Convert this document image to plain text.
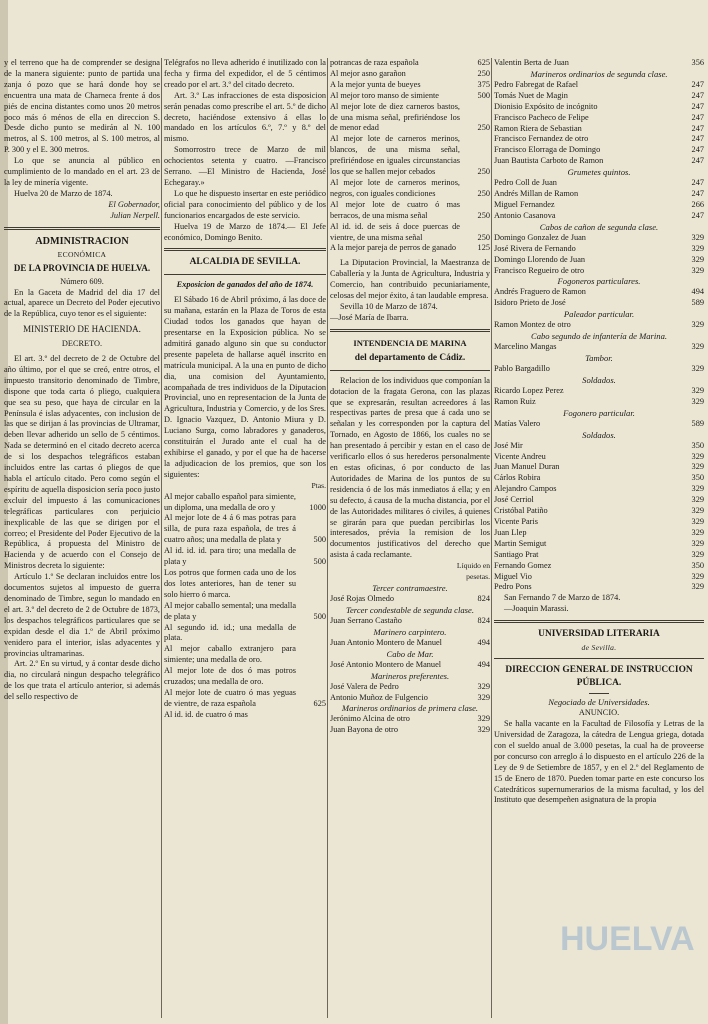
y el terreno que ha de comprender se designa de la manera siguiente: punto de partida una zanja ó pozo que se hará donde hoy se encuentra una mata de Charneca frente á dos piés de encina distantes como unos 20 metros poco más ó ménos de ella en direccion S. Desde dicho punto se medirán al N. 100 metros, al S. 100 metros, al S. 100 metros, al P. 300 y el E. 300 metros.

Lo que se anuncia al público en cumplimiento de lo mandado en el art. 23 de la ley de minería vigente.

Huelva 20 de Marzo de 1874.

El Gobernador,

Julian Nerpell.

ADMINISTRACION
ECONÓMICA
DE LA PROVINCIA DE HUELVA.

Número 609.

En la Gaceta de Madrid del dia 17 del actual, aparece un Decreto del Poder ejecutivo de la República, cuyo tenor es el siguiente:

MINISTERIO DE HACIENDA.

DECRETO.

El art. 3.º del decreto de 2 de Octubre del año último, por el que se creó, entre otros, el impuesto transitorio denominado de Timbre, dispone que toda carta ó pliego, cualquiera que sea su peso, que haya de circular en la Península é islas adyacentes, con inclusion de las que se dirijan á las provincias de Ultramar, deben llevar adherido un sello de 5 céntimos. Nada se determinó en el citado decreto acerca de si los despachos telegráficos estaban incluidos entre las cartas ó pliegos de que habla el artículo citado. Pero como según el espíritu de aquella disposicion sería poco justo excluir del impuesto á las comunicaciones telegráficas particulares con perjuicio inexplicable de las que se dirigen por el correo; el Presidente del Poder Ejecutivo de la República, á propuesta del Ministro de Hacienda y de acuerdo con el Consejo de Ministros decreta lo siguiente:

Artículo 1.º Se declaran incluidos entre los documentos sujetos al impuesto de guerra denominado de Timbre, segun lo mandado en el art. 3.º del decreto de 2 de Octubre de 1873, los despachos telegráficos particulares que se expidan desde el dia 1.º de Abril próximo venidero para el interior, islas adyacentes y provincias ultramarinas.

Art. 2.º En su virtud, y á contar desde dicho dia, no circulará ningun despacho telegráfico de los que trata el artículo anterior, si además del sello respectivo de

Telégrafos no lleva adherido é inutilizado con la fecha y firma del expedidor, el de 5 céntimos creado por el art. 3.º del citado decreto.

Art. 3.º Las infracciones de esta disposicion serán penadas como prescribe el art. 5.º de dicho decreto, haciéndose extensivo á ellas lo mandado en los artículos 6.º, 7.º y 8.º del mismo.

Somorrostro trece de Marzo de mil ochocientos setenta y cuatro. —Francisco Serrano. —El Ministro de Hacienda, José Echegaray.»

Lo que he dispuesto insertar en este periódico oficial para conocimiento del público y de los funcionarios encargados de este servicio.

Huelva 19 de Marzo de 1874.— El Jefe económico, Domingo Benito.

ALCALDIA DE SEVILLA.

Exposicion de ganados del año de 1874.

El Sábado 16 de Abril próximo, á las doce de su mañana, estarán en la Plaza de Toros de esta Ciudad todos los ganados que hayan de presentarse en la Exposicion pública. No se admitirá ganado alguno sin que su conductor presente papeleta de hallarse aquél inscrito en matrícula municipal. A la una en punto de dicho dia, una comision del Ayuntamiento, acompañada de tres individuos de la Diputacion Provincial, uno en representacion de la Junta de Agricultura, Industria y Comercio, y de los Sres. D. Ignacio Vazquez, D. Antonio Miura y D. Luciano Surga, como labradores y ganaderos, constituirán el Jurado ante el cual ha de exhibirse el ganado, y por el que ha de hacerse la adjudicacion de los premios, que son los siguientes:

Ptas.

Al mejor caballo español para simiente, un diploma, una medalla de oro y	1000
Al mejor lote de 4 á 6 mas potras para silla, de pura raza española, de tres á cuatro años; una medalla de plata y	500
Al id. id. id. para tiro; una medalla de plata y	500
Los potros que formen cada uno de los dos lotes anteriores, han de tener su solo hierro ó marca.
Al mejor caballo semental; una medalla de plata y	500
Al segundo id. id.; una medalla de plata.
Al mejor caballo extranjero para simiente; una medalla de oro.
Al mejor lote de dos ó mas potros cruzados; una medalla de oro.
Al mejor lote de cuatro ó mas yeguas de vientre, de raza española	625
Al id. id. de cuatro ó mas
potrancas de raza española	625
Al mejor asno garañon	250
A la mejor yunta de bueyes	375
Al mejor toro manso de simiente	500
Al mejor lote de diez carneros bastos, de una misma señal, prefiriéndose los de menor edad	250
Al mejor lote de carneros merinos, blancos, de una misma señal, prefiriéndose en iguales circunstancias los que se hallen mejor cebados	250
Al mejor lote de carneros merinos, negros, con iguales condiciones	250
Al mejor lote de cuatro ó mas berracos, de una misma señal	250
Al id. id. de seis á doce puercas de vientre, de una misma señal	250
A la mejor pareja de perros de ganado	125

La Diputacion Provincial, la Maestranza de Caballería y la Junta de Agricultura, Industria y Comercio, han contribuido pecuniariamente, celosas del mejor éxito, á tan laudable empresa.

Sevilla 10 de Marzo de 1874.

—José María de Ibarra.

INTENDENCIA DE MARINA
del departamento de Cádiz.

Relacion de los individuos que componían la dotacion de la fragata Gerona, con las plazas que se expresarán, resultan acreedores á las respectivas partes de presa que á cada uno se señalan y les corresponden por la captura del Tornado, en Agosto de 1866, los cuales no se han presentado á percibir y estan en el caso de verificarlo ellos ó sus herederos personalmente en estas oficinas, ó por conducto de las Autoridades de Marina de los puntos de su residencia ó de los más inmediatos á ella; y en su defecto, á causa de la mucha distancia, por el de las Autoridades militares ó civiles, á quienes se girarán para que puedan percibirlas los interesados, prévia la remision de los documentos justificativos del derecho que asista á cada reclamante.

Líquido en pesetas.

Tercer contramaestre.

José Rojas Olmedo	824

Tercer condestable de segunda clase.

Juan Serrano Castaño	824

Marinero carpintero.

Juan Antonio Montero de Manuel	494

Cabo de Mar.

José Antonio Montero de Manuel	494

Marineros preferentes.

José Valera de Pedro	329
Antonio Muñoz de Fulgencio	329

Marineros ordinarios de primera clase.

Jerónimo Alcina de otro	329
Juan Bayona de otro	329
Valentin Berta de Juan	356

Marineros ordinarios de segunda clase.

Pedro Fabregat de Rafael	247
Tomás Nuet de Magin	247
Dionisio Expósito de incógnito	247
Francisco Pacheco de Felipe	247
Ramon Riera de Sebastian	247
Francisco Fernandez de otro	247
Francisco Elorraga de Domingo	247
Juan Bautista Carboto de Ramon	247

Grumetes quintos.

Pedro Coll de Juan	247
Andrés Millan de Ramon	247
Miguel Fernandez	266
Antonio Casanova	247

Cabos de cañon de segunda clase.

Domingo Gonzalez de Juan	329
José Rivera de Fernando	329
Domingo Llorendo de Juan	329
Francisco Regueiro de otro	329

Fogoneros particulares.

Andrés Fraguero de Ramon	494
Isidoro Prieto de José	589

Paleador particular.

Ramon Montez de otro	329

Cabo segundo de infantería de Marina.

Marcelino Mangas	329

Tambor.

Pablo Bargadillo	329

Soldados.

Ricardo Lopez Perez	329
Ramon Ruiz	329

Fogonero particular.

Matías Valero	589

Soldados.

José Mir	350
Vicente Andreu	329
Juan Manuel Duran	329
Cárlos Robira	350
Alejandro Campos	329
José Cerriol	329
Cristóbal Patiño	329
Vicente Paris	329
Juan Llep	329
Martin Semigut	329
Santiago Prat	329
Fernando Gomez	350
Miguel Vio	329
Pedro Pons	329

San Fernando 7 de Marzo de 1874.

—Joaquin Marassi.

UNIVERSIDAD LITERARIA
de Sevilla.
DIRECCION GENERAL DE INSTRUCCION PÚBLICA.

Negociado de Universidades.

ANUNCIO.

Se halla vacante en la Facultad de Filosofía y Letras de la Universidad de Zaragoza, la cátedra de Lengua griega, dotada con el sueldo anual de 3.000 pesetas, la cual ha de proveerse por concurso con arreglo á lo dispuesto en el artículo 226 de la Ley de 9 de Setiembre de 1857, y en el 2.º del Reglamento de 15 de Enero de 1870. Pueden tomar parte en este concurso los Catedráticos supernumerarios de la misma facultad, y los del Instituto que desempeñen asignatura de la propia

HUELVA
